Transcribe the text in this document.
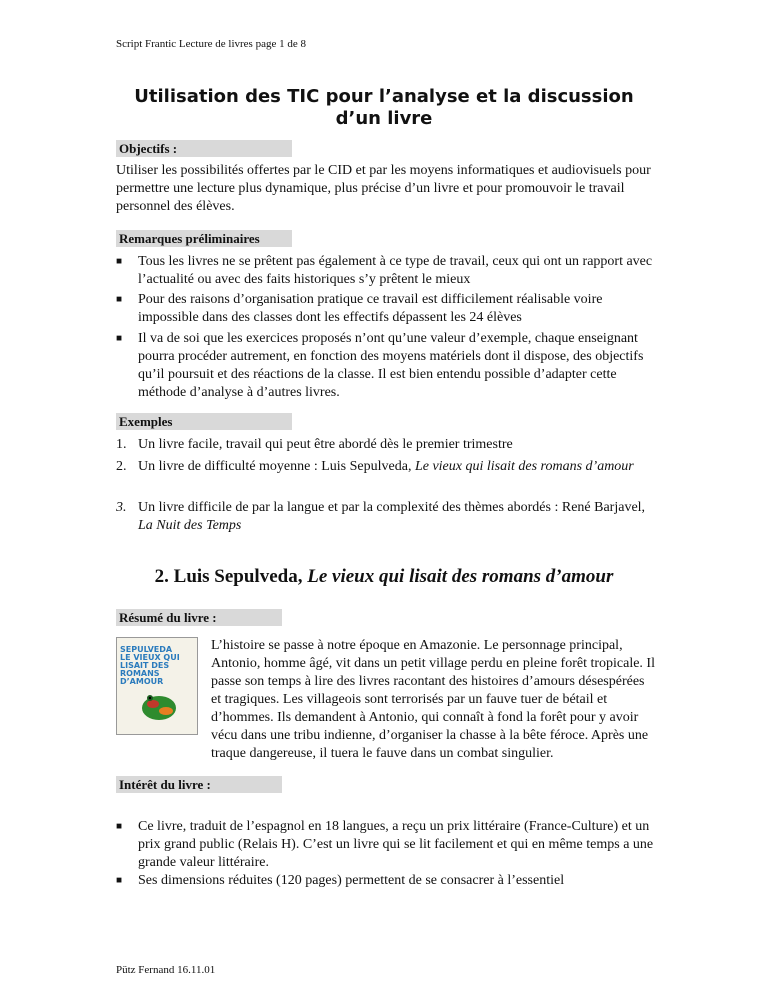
Script Frantic Lecture de livres page 1 de 8
Utilisation des TIC pour l’analyse et la discussion
d’un livre
Objectifs :
Utiliser les possibilités offertes par le CID et par les moyens informatiques et audiovisuels pour permettre une lecture plus dynamique, plus précise d’un livre et pour promouvoir le travail personnel des élèves.
Remarques préliminaires
■ Tous les livres ne se prêtent pas également à ce type de travail, ceux qui ont un rapport avec l’actualité ou avec des faits historiques s’y prêtent le mieux
■ Pour des raisons d’organisation pratique ce travail est difficilement réalisable voire impossible dans des classes dont les effectifs dépassent les 24 élèves
■ Il va de soi que les exercices proposés n’ont qu’une valeur d’exemple, chaque enseignant pourra procéder autrement, en fonction des moyens matériels dont il dispose, des objectifs qu’il poursuit et des réactions de la classe. Il est bien entendu possible d’adapter cette méthode d’analyse à d’autres livres.
Exemples
1. Un livre facile, travail qui peut être abordé dès le premier trimestre
2. Un livre de difficulté moyenne : Luis Sepulveda, Le vieux qui lisait des romans d’amour
3. Un livre difficile de par la langue et par la complexité des thèmes abordés : René Barjavel, La Nuit des Temps
2. Luis Sepulveda, Le vieux qui lisait des romans d’amour
Résumé du livre :
SEPULVEDA
LE VIEUX QUI LISAIT DES ROMANS D’AMOUR
L’histoire se passe à notre époque en Amazonie. Le personnage principal, Antonio, homme âgé, vit dans un petit village perdu en pleine forêt tropicale. Il passe son temps à lire des livres racontant des histoires d’amours désespérées et tragiques. Les villageois sont terrorisés par un fauve tuer de bétail et d’hommes. Ils demandent à Antonio, qui connaît à fond la forêt pour y avoir vécu dans une tribu indienne, d’organiser la chasse à la bête féroce. Après une traque dangereuse, il tuera le fauve dans un combat singulier.
Intérêt du livre :
■ Ce livre, traduit de l’espagnol en 18 langues, a reçu un prix littéraire (France-Culture) et un prix grand public (Relais H). C’est un livre qui se lit facilement et qui en même temps a une grande valeur littéraire.
■ Ses dimensions réduites (120 pages) permettent de se consacrer à l’essentiel
Pütz Fernand 16.11.01
